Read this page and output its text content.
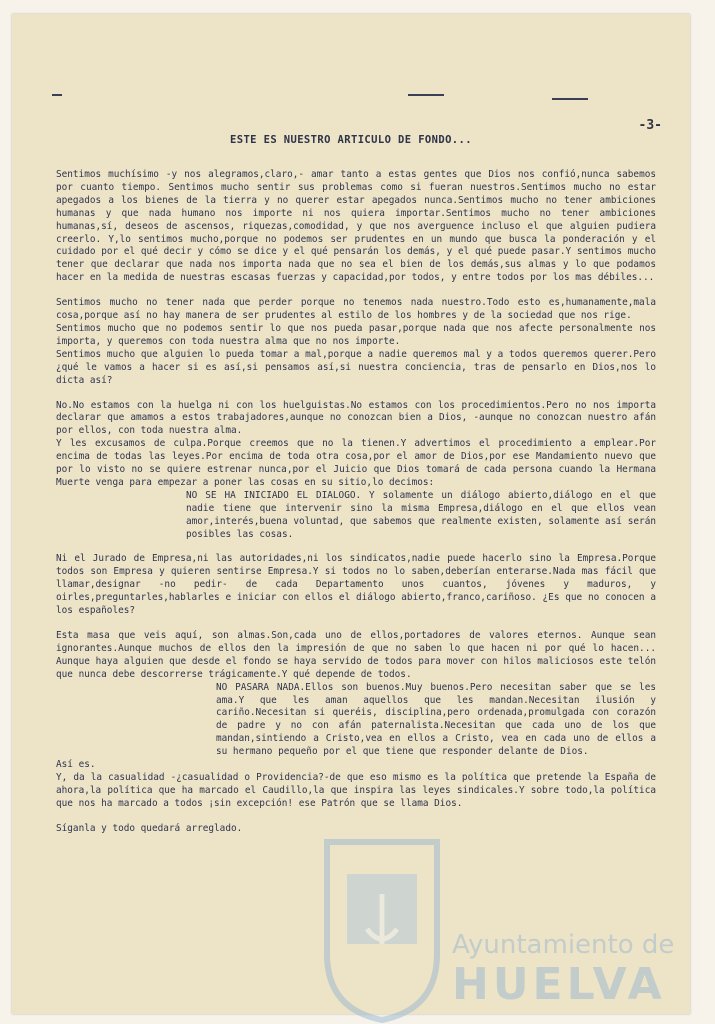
-3-
ESTE ES NUESTRO ARTICULO DE FONDO...
Sentimos muchísimo -y nos alegramos,claro,- amar tanto a estas gentes que Dios nos confió,nunca sabemos por cuanto tiempo. Sentimos mucho sentir sus problemas como si fueran nuestros.Sentimos mucho no estar apegados a los bienes de la tierra y no querer estar apegados nunca.Sentimos mucho no tener ambiciones humanas y que nada humano nos importe ni nos quiera importar.Sentimos mucho no tener ambiciones humanas,sí, deseos de ascensos, riquezas,comodidad, y que nos averguence incluso el que alguien pudiera creerlo. Y,lo sentimos mucho,porque no podemos ser prudentes en un mundo que busca la ponderación y el cuidado por el qué decir y cómo se dice y el qué pensarán los demás, y el qué puede pasar.Y sentimos mucho tener que declarar que nada nos importa nada que no sea el bien de los demás,sus almas y lo que podamos hacer en la medida de nuestras escasas fuerzas y capacidad,por todos, y entre todos por los mas débiles...

Sentimos mucho no tener nada que perder porque no tenemos nada nuestro.Todo esto es,humanamente,mala cosa,porque así no hay manera de ser prudentes al estilo de los hombres y de la sociedad que nos rige.

Sentimos mucho que no podemos sentir lo que nos pueda pasar,porque nada que nos afecte personalmente nos importa, y queremos con toda nuestra alma que no nos importe.

Sentimos mucho que alguien lo pueda tomar a mal,porque a nadie queremos mal y a todos queremos querer.Pero ¿qué le vamos a hacer si es así,si pensamos así,si nuestra conciencia, tras de pensarlo en Dios,nos lo dicta así?

No.No estamos con la huelga ni con los huelguistas.No estamos con los procedimientos.Pero no nos importa declarar que amamos a estos trabajadores,aunque no conozcan bien a Dios, -aunque no conozcan nuestro afán por ellos, con toda nuestra alma.

Y les excusamos de culpa.Porque creemos que no la tienen.Y advertimos el procedimiento a emplear.Por encima de todas las leyes.Por encima de toda otra cosa,por el amor de Dios,por ese Mandamiento nuevo que por lo visto no se quiere estrenar nunca,por el Juicio que Dios tomará de cada persona cuando la Hermana Muerte venga para empezar a poner las cosas en su sitio,lo decimos:

NO SE HA INICIADO EL DIALOGO. Y solamente un diálogo abierto,diálogo en el que nadie tiene que intervenir sino la misma Empresa,diálogo en el que ellos vean amor,interés,buena voluntad, que sabemos que realmente existen, solamente así serán posibles las cosas.

Ni el Jurado de Empresa,ni las autoridades,ni los sindicatos,nadie puede hacerlo sino la Empresa.Porque todos son Empresa y quieren sentirse Empresa.Y si todos no lo saben,deberían enterarse.Nada mas fácil que llamar,designar -no pedir- de cada Departamento unos cuantos, jóvenes y maduros, y oirles,preguntarles,hablarles e iniciar con ellos el diálogo abierto,franco,cariñoso. ¿Es que no conocen a los españoles?

Esta masa que veis aquí, son almas.Son,cada uno de ellos,portadores de valores eternos. Aunque sean ignorantes.Aunque muchos de ellos den la impresión de que no saben lo que hacen ni por qué lo hacen... Aunque haya alguien que desde el fondo se haya servido de todos para mover con hilos maliciosos este telón que nunca debe descorrerse trágicamente.Y qué depende de todos.

NO PASARA NADA.Ellos son buenos.Muy buenos.Pero necesitan saber que se les ama.Y que les aman aquellos que les mandan.Necesitan ilusión y cariño.Necesitan si queréis, disciplina,pero ordenada,promulgada con corazón de padre y no con afán paternalista.Necesitan que cada uno de los que mandan,sintiendo a Cristo,vea en ellos a Cristo, vea en cada uno de ellos a su hermano pequeño por el que tiene que responder delante de Dios.

Así es.

Y, da la casualidad -¿casualidad o Providencia?-de que eso mismo es la política que pretende la España de ahora,la política que ha marcado el Caudillo,la que inspira las leyes sindicales.Y sobre todo,la política que nos ha marcado a todos ¡sin excepción! ese Patrón que se llama Dios.

Síganla y todo quedará arreglado.
Ayuntamiento de
HUELVA
